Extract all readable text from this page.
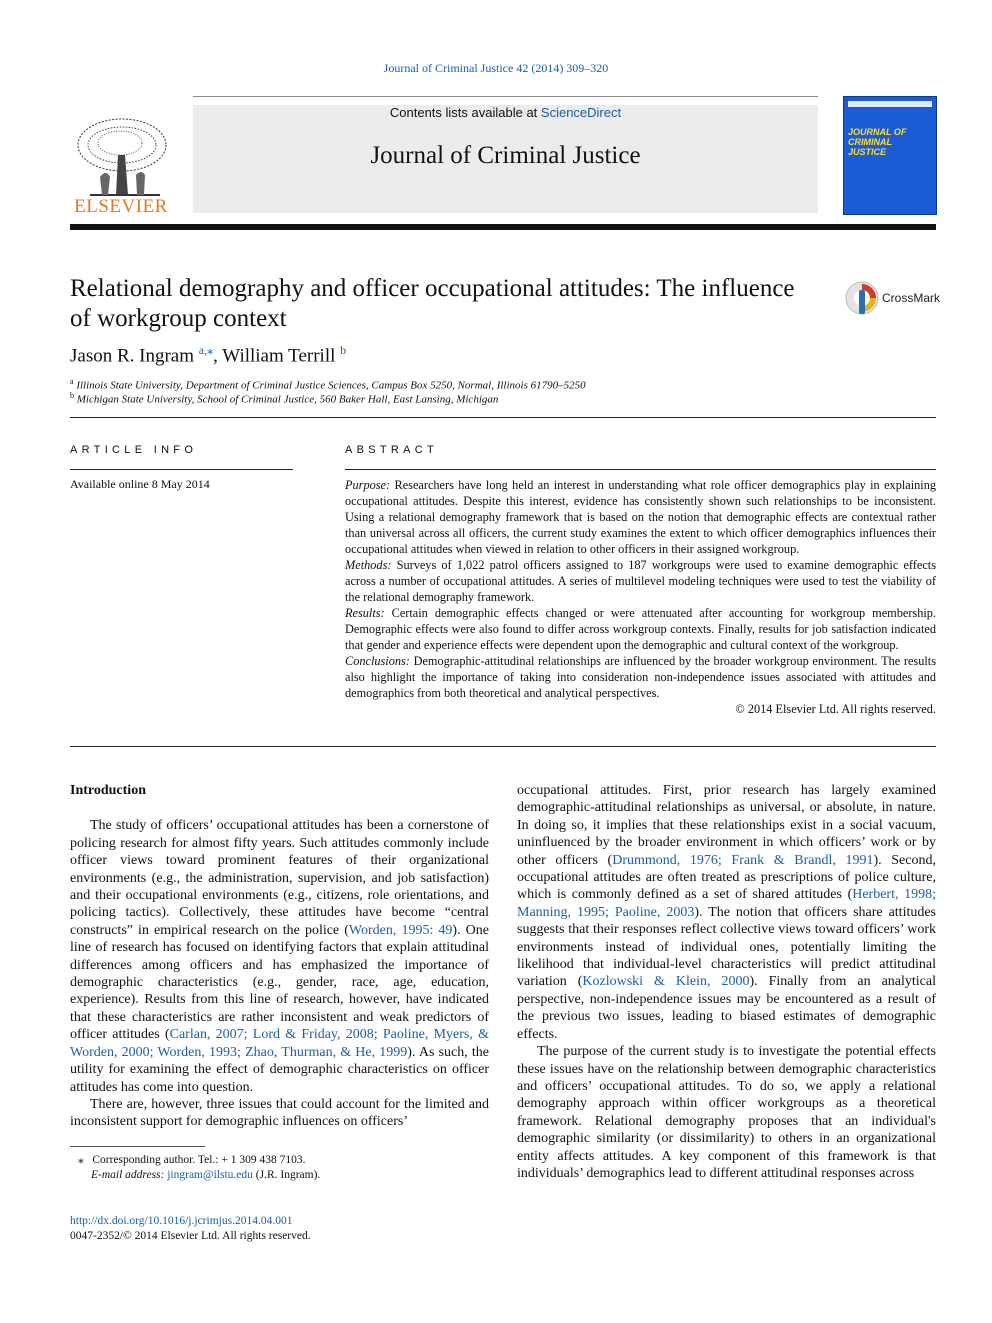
Journal of Criminal Justice 42 (2014) 309–320
ELSEVIER
Contents lists available at ScienceDirect
Journal of Criminal Justice
JOURNAL OF CRIMINAL JUSTICE
Relational demography and officer occupational attitudes: The influence of workgroup context
CrossMark
Jason R. Ingram $^{a,⁎}$, William Terrill $^b$
$^a$ Illinois State University, Department of Criminal Justice Sciences, Campus Box 5250, Normal, Illinois 61790–5250
$^b$ Michigan State University, School of Criminal Justice, 560 Baker Hall, East Lansing, Michigan
ARTICLE INFO
Available online 8 May 2014
ABSTRACT

Purpose: Researchers have long held an interest in understanding what role officer demographics play in explaining occupational attitudes. Despite this interest, evidence has consistently shown such relationships to be inconsistent. Using a relational demography framework that is based on the notion that demographic effects are contextual rather than universal across all officers, the current study examines the extent to which officer demographics influences their occupational attitudes when viewed in relation to other officers in their assigned workgroup.

Methods: Surveys of 1,022 patrol officers assigned to 187 workgroups were used to examine demographic effects across a number of occupational attitudes. A series of multilevel modeling techniques were used to test the viability of the relational demography framework.

Results: Certain demographic effects changed or were attenuated after accounting for workgroup membership. Demographic effects were also found to differ across workgroup contexts. Finally, results for job satisfaction indicated that gender and experience effects were dependent upon the demographic and cultural context of the workgroup.

Conclusions: Demographic-attitudinal relationships are influenced by the broader workgroup environment. The results also highlight the importance of taking into consideration non-independence issues associated with attitudes and demographics from both theoretical and analytical perspectives.

© 2014 Elsevier Ltd. All rights reserved.

Introduction

The study of officers’ occupational attitudes has been a cornerstone of policing research for almost fifty years. Such attitudes commonly include officer views toward prominent features of their organizational environments (e.g., the administration, supervision, and job satisfaction) and their occupational environments (e.g., citizens, role orientations, and policing tactics). Collectively, these attitudes have become “central constructs” in empirical research on the police (Worden, 1995: 49). One line of research has focused on identifying factors that explain attitudinal differences among officers and has emphasized the importance of demographic characteristics (e.g., gender, race, age, education, experience). Results from this line of research, however, have indicated that these characteristics are rather inconsistent and weak predictors of officer attitudes (Carlan, 2007; Lord & Friday, 2008; Paoline, Myers, & Worden, 2000; Worden, 1993; Zhao, Thurman, & He, 1999). As such, the utility for examining the effect of demographic characteristics on officer attitudes has come into question.

There are, however, three issues that could account for the limited and inconsistent support for demographic influences on officers’

occupational attitudes. First, prior research has largely examined demographic-attitudinal relationships as universal, or absolute, in nature. In doing so, it implies that these relationships exist in a social vacuum, uninfluenced by the broader environment in which officers’ work or by other officers (Drummond, 1976; Frank & Brandl, 1991). Second, occupational attitudes are often treated as prescriptions of police culture, which is commonly defined as a set of shared attitudes (Herbert, 1998; Manning, 1995; Paoline, 2003). The notion that officers share attitudes suggests that their responses reflect collective views toward officers’ work environments instead of individual ones, potentially limiting the likelihood that individual-level characteristics will predict attitudinal variation (Kozlowski & Klein, 2000). Finally from an analytical perspective, non-independence issues may be encountered as a result of the previous two issues, leading to biased estimates of demographic effects.

The purpose of the current study is to investigate the potential effects these issues have on the relationship between demographic characteristics and officers’ occupational attitudes. To do so, we apply a relational demography approach within officer workgroups as a theoretical framework. Relational demography proposes that an individual's demographic similarity (or dissimilarity) to others in an organizational entity affects attitudes. A key component of this framework is that individuals’ demographics lead to different attitudinal responses across

⁎ Corresponding author. Tel.: + 1 309 438 7103.
E-mail address: jingram@ilstu.edu (J.R. Ingram).
http://dx.doi.org/10.1016/j.jcrimjus.2014.04.001
0047-2352/© 2014 Elsevier Ltd. All rights reserved.
